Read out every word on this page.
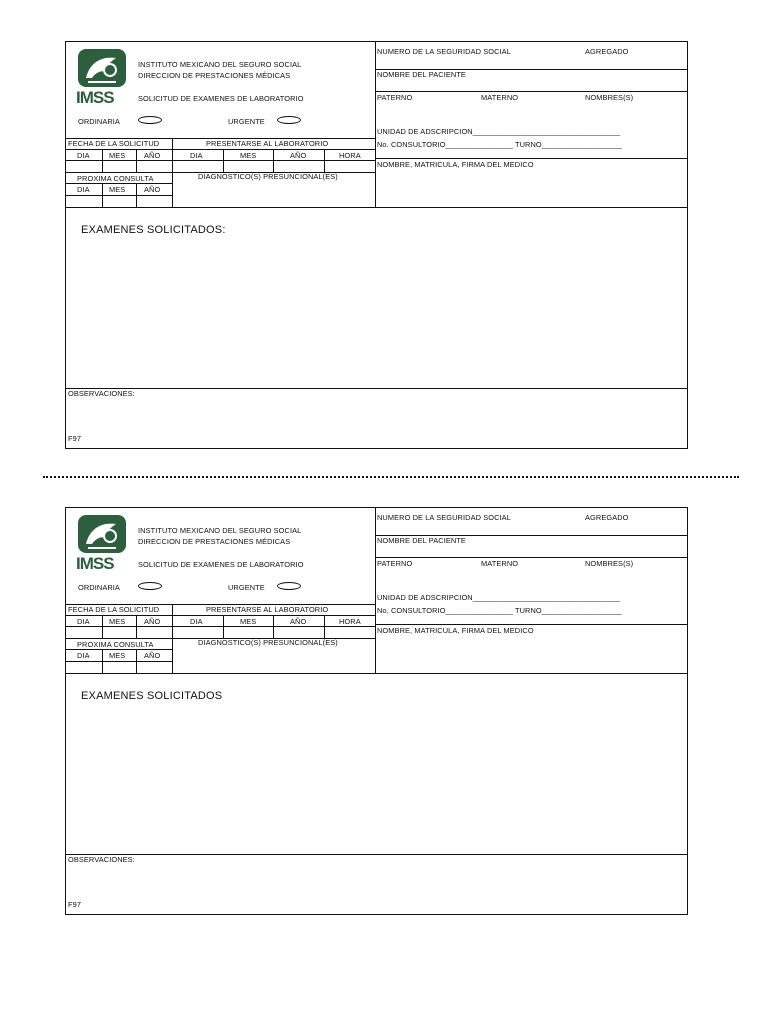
IMSS
INSTITUTO MEXICANO DEL SEGURO SOCIAL
DIRECCION DE PRESTACIONES MÉDICAS
SOLICITUD DE EXAMENES DE LABORATORIO
ORDINARIA	URGENTE
NUMERO DE LA SEGURIDAD SOCIAL	AGREGADO
NOMBRE DEL PACIENTE
PATERNO	MATERNO	NOMBRES(S)
UNIDAD DE ADSCRIPCION___________________________________
No. CONSULTORIO________________ TURNO___________________
NOMBRE, MATRICULA, FIRMA DEL MEDICO
FECHA DE LA SOLICITUD	PRESENTARSE AL LABORATORIO
DIA	MES	AÑO	DIA	MES	AÑO	HORA
PROXIMA CONSULTA	DIAGNOSTICO(S) PRESUNCIONAL(ES)
DIA	MES	AÑO
EXAMENES SOLICITADOS:
OBSERVACIONES:
F97
IMSS
INSTITUTO MEXICANO DEL SEGURO SOCIAL
DIRECCION DE PRESTACIONES MÉDICAS
SOLICITUD DE EXAMENES DE LABORATORIO
ORDINARIA	URGENTE
NUMERO DE LA SEGURIDAD SOCIAL	AGREGADO
NOMBRE DEL PACIENTE
PATERNO	MATERNO	NOMBRES(S)
UNIDAD DE ADSCRIPCION___________________________________
No. CONSULTORIO________________ TURNO___________________
NOMBRE, MATRICULA, FIRMA DEL MEDICO
FECHA DE LA SOLICITUD	PRESENTARSE AL LABORATORIO
DIA	MES	AÑO	DIA	MES	AÑO	HORA
PROXIMA CONSULTA	DIAGNOSTICO(S) PRESUNCIONAL(ES)
DIA	MES	AÑO
EXAMENES SOLICITADOS
OBSERVACIONES:
F97
